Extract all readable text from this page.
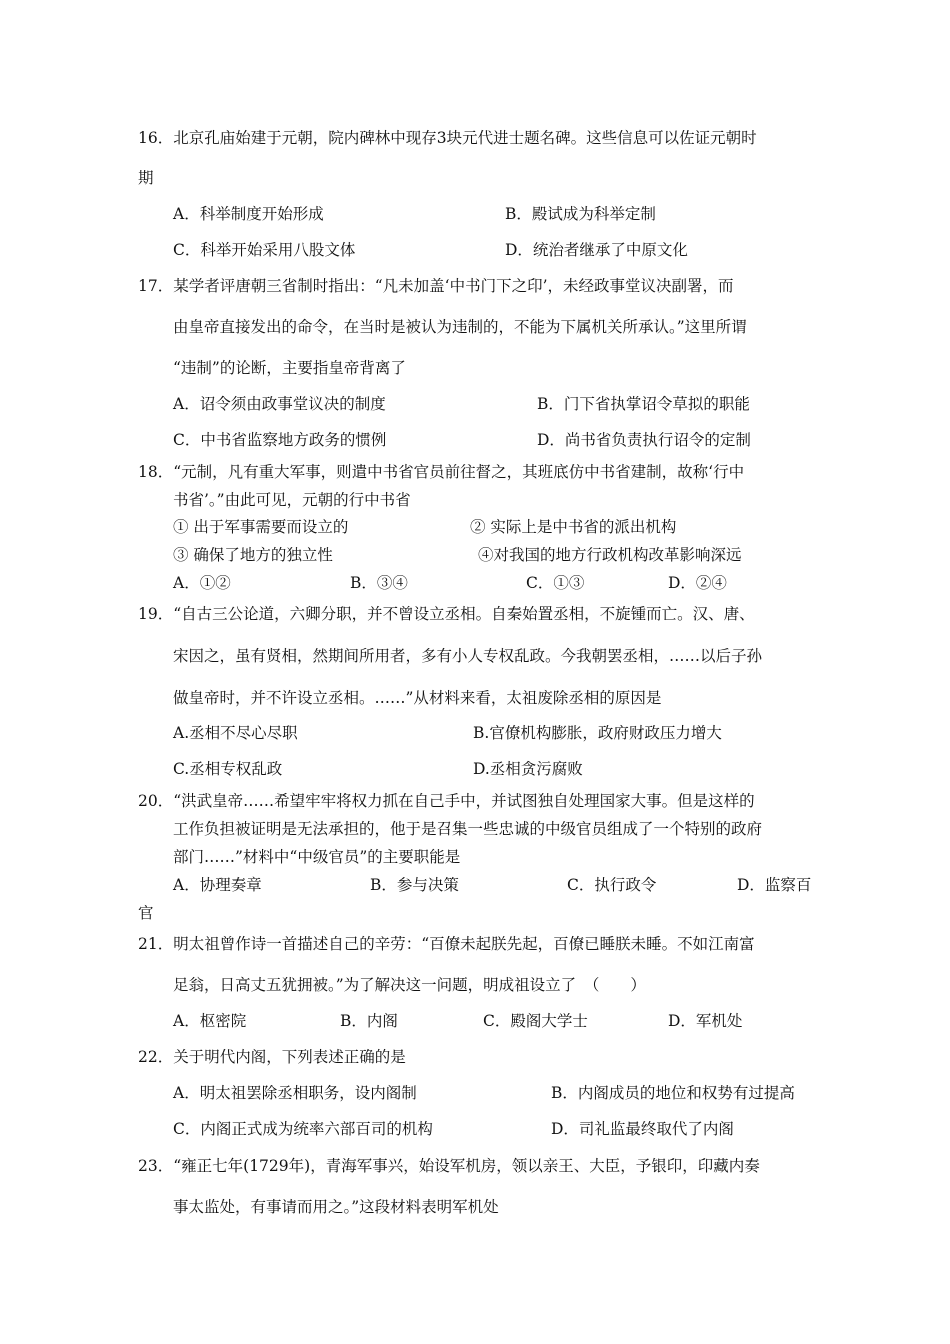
16．北京孔庙始建于元朝，院内碑林中现存3块元代进士题名碑。这些信息可以佐证元朝时
期
A．科举制度开始形成	B．殿试成为科举定制
C．科举开始采用八股文体	D．统治者继承了中原文化
17．某学者评唐朝三省制时指出：“凡未加盖‘中书门下之印’，未经政事堂议决副署，而
由皇帝直接发出的命令，在当时是被认为违制的，不能为下属机关所承认。”这里所谓
“违制”的论断，主要指皇帝背离了
A．诏令须由政事堂议决的制度	B．门下省执掌诏令草拟的职能
C．中书省监察地方政务的惯例	D．尚书省负责执行诏令的定制
18．“元制，凡有重大军事，则遣中书省官员前往督之，其班底仿中书省建制，故称‘行中
书省’。”由此可见，元朝的行中书省
① 出于军事需要而设立的	② 实际上是中书省的派出机构
③ 确保了地方的独立性	④对我国的地方行政机构改革影响深远
A．①②	B．③④	C．①③	D．②④
19．“自古三公论道，六卿分职，并不曾设立丞相。自秦始置丞相，不旋锺而亡。汉、唐、
宋因之，虽有贤相，然期间所用者，多有小人专权乱政。今我朝罢丞相，……以后子孙
做皇帝时，并不许设立丞相。……”从材料来看，太祖废除丞相的原因是
A.丞相不尽心尽职	B.官僚机构膨胀，政府财政压力增大
C.丞相专权乱政	D.丞相贪污腐败
20．“洪武皇帝……希望牢牢将权力抓在自己手中，并试图独自处理国家大事。但是这样的
工作负担被证明是无法承担的，他于是召集一些忠诚的中级官员组成了一个特别的政府
部门……”材料中“中级官员”的主要职能是
A．协理奏章	B．参与决策	C．执行政令	D．监察百
官
21．明太祖曾作诗一首描述自己的辛劳：“百僚未起朕先起，百僚已睡朕未睡。不如江南富
足翁，日高丈五犹拥被。”为了解决这一问题，明成祖设立了　（　　）
A．枢密院	B．内阁	C．殿阁大学士	D．军机处
22．关于明代内阁，下列表述正确的是
A．明太祖罢除丞相职务，设内阁制	B．内阁成员的地位和权势有过提高
C．内阁正式成为统率六部百司的机构	D．司礼监最终取代了内阁
23．“雍正七年(1729年)，青海军事兴，始设军机房，领以亲王、大臣，予银印，印藏内奏
事太监处，有事请而用之。”这段材料表明军机处
